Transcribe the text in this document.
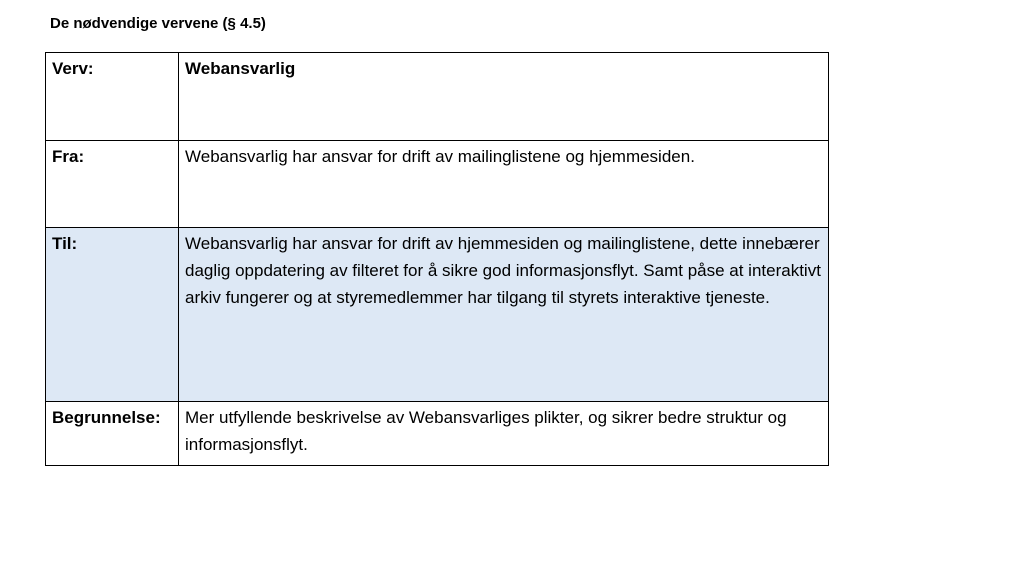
De nødvendige vervene (§ 4.5)
Verv:	Webansvarlig
Fra:	Webansvarlig har ansvar for drift av mailinglistene og hjemmesiden.
Til:	Webansvarlig har ansvar for drift av hjemmesiden og mailinglistene, dette innebærer daglig oppdatering av filteret for å sikre god informasjonsflyt. Samt påse at interaktivt arkiv fungerer og at styremedlemmer har tilgang til styrets interaktive tjeneste.
Begrunnelse:	Mer utfyllende beskrivelse av Webansvarliges plikter, og sikrer bedre struktur og informasjonsflyt.
